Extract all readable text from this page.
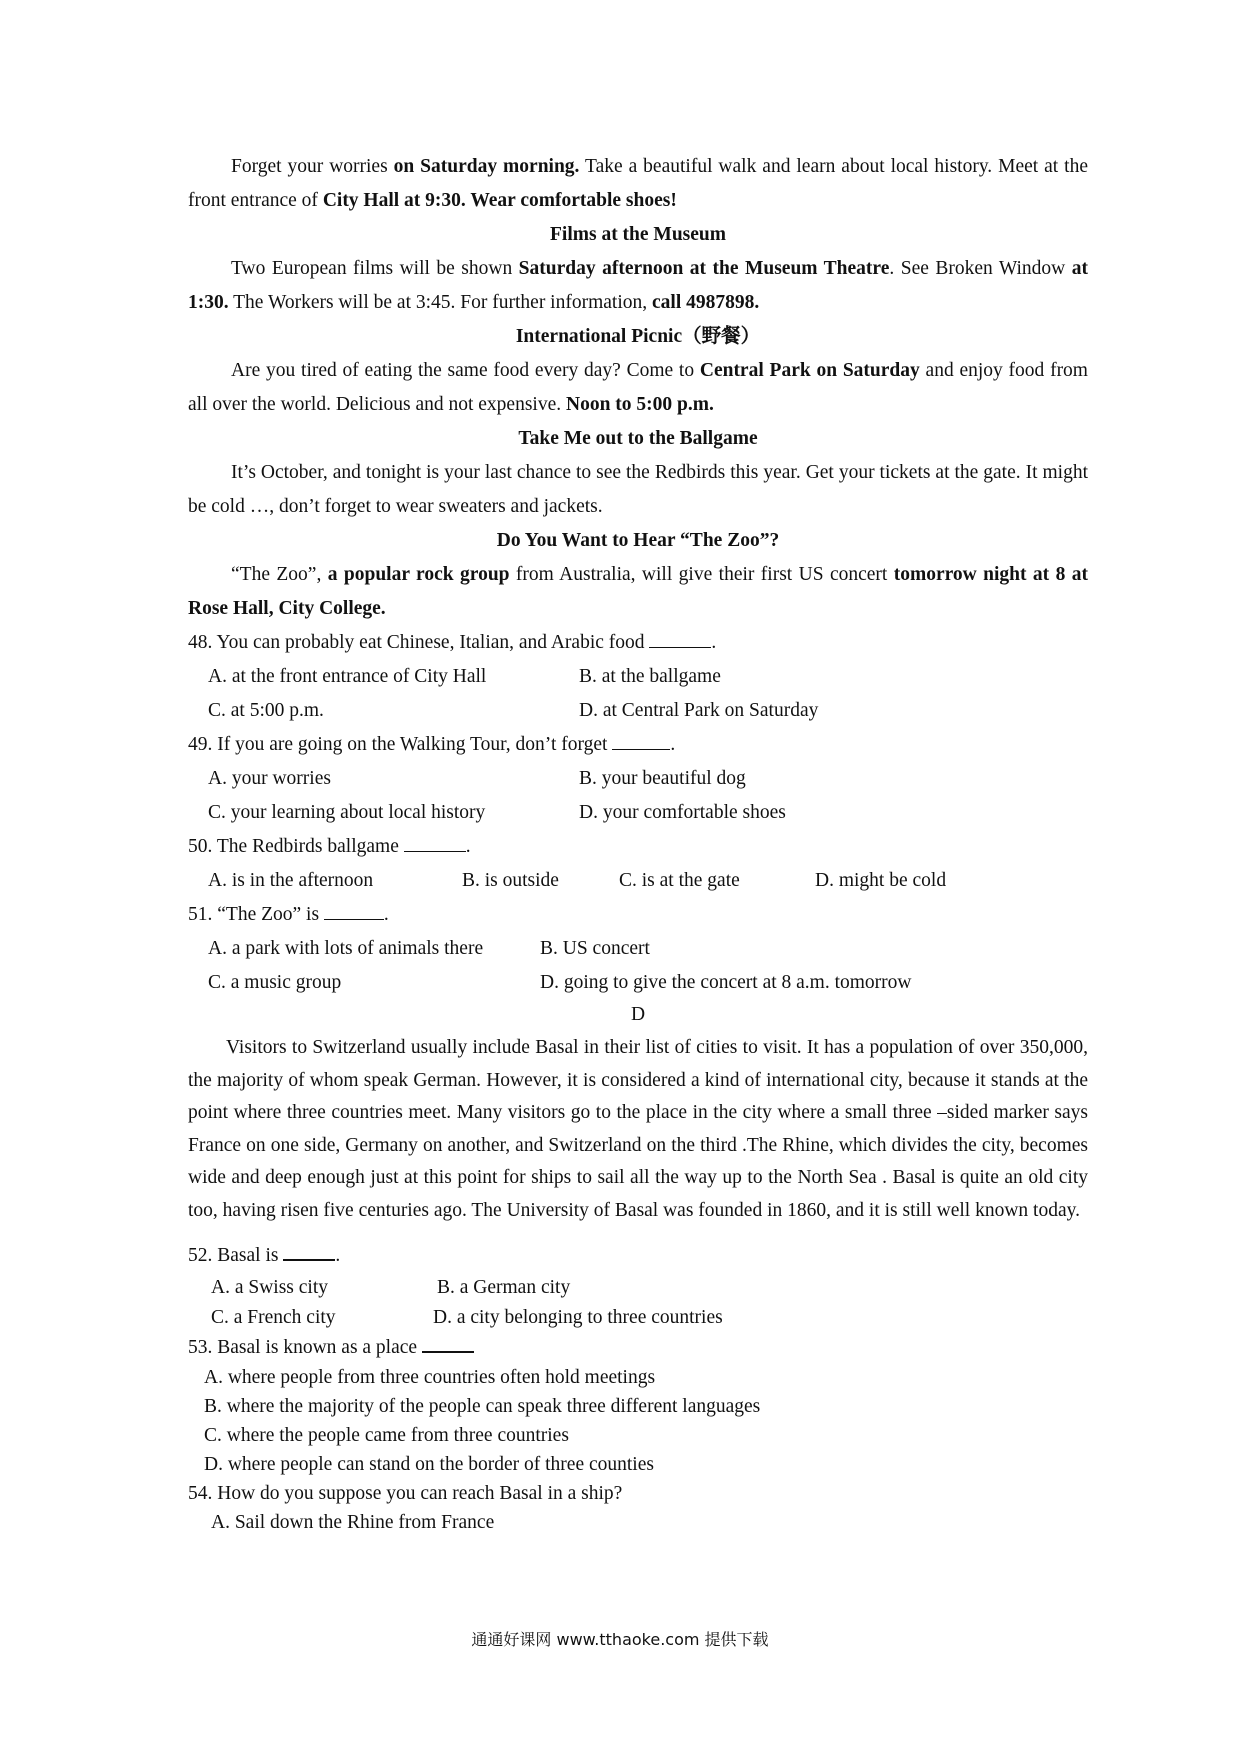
Forget your worries on Saturday morning. Take a beautiful walk and learn about local history. Meet at the front entrance of City Hall at 9:30. Wear comfortable shoes!

Films at the Museum

Two European films will be shown Saturday afternoon at the Museum Theatre. See Broken Window at 1:30. The Workers will be at 3:45. For further information, call 4987898.

International Picnic（野餐）

Are you tired of eating the same food every day? Come to Central Park on Saturday and enjoy food from all over the world. Delicious and not expensive. Noon to 5:00 p.m.

Take Me out to the Ballgame

It’s October, and tonight is your last chance to see the Redbirds this year. Get your tickets at the gate. It might be cold …, don’t forget to wear sweaters and jackets.

Do You Want to Hear “The Zoo”?

“The Zoo”, a popular rock group from Australia, will give their first US concert tomorrow night at 8 at Rose Hall, City College.

48. You can probably eat Chinese, Italian, and Arabic food	.

A. at the front entrance of City Hall	B. at the ballgame
C. at 5:00 p.m.	D. at Central Park on Saturday

49. If you are going on the Walking Tour, don’t forget	.

A. your worries	B. your beautiful dog
C. your learning about local history	D. your comfortable shoes

50. The Redbirds ballgame	.

A. is in the afternoon	B. is outside	C. is at the gate	D. might be cold

51. “The Zoo” is	.

A. a park with lots of animals there	B. US concert
C. a music group	D. going to give the concert at 8 a.m. tomorrow

D

Visitors to Switzerland usually include Basal in their list of cities to visit. It has a population of over 350,000, the majority of whom speak German. However, it is considered a kind of international city, because it stands at the point where three countries meet. Many visitors go to the place in the city where a small three –sided marker says France on one side, Germany on another, and Switzerland on the third .The Rhine, which divides the city, becomes wide and deep enough just at this point for ships to sail all the way up to the North Sea . Basal is quite an old city too, having risen five centuries ago. The University of Basal was founded in 1860, and it is still well known today.

52. Basal is	.

A. a Swiss city	B. a German city
C. a French city	D. a city belonging to three countries

53. Basal is known as a place

A. where people from three countries often hold meetings
B. where the majority of the people can speak three different languages
C. where the people came from three countries
D. where people can stand on the border of three counties

54. How do you suppose you can reach Basal in a ship?

A. Sail down the Rhine from France
通通好课网 www.tthaoke.com 提供下载
